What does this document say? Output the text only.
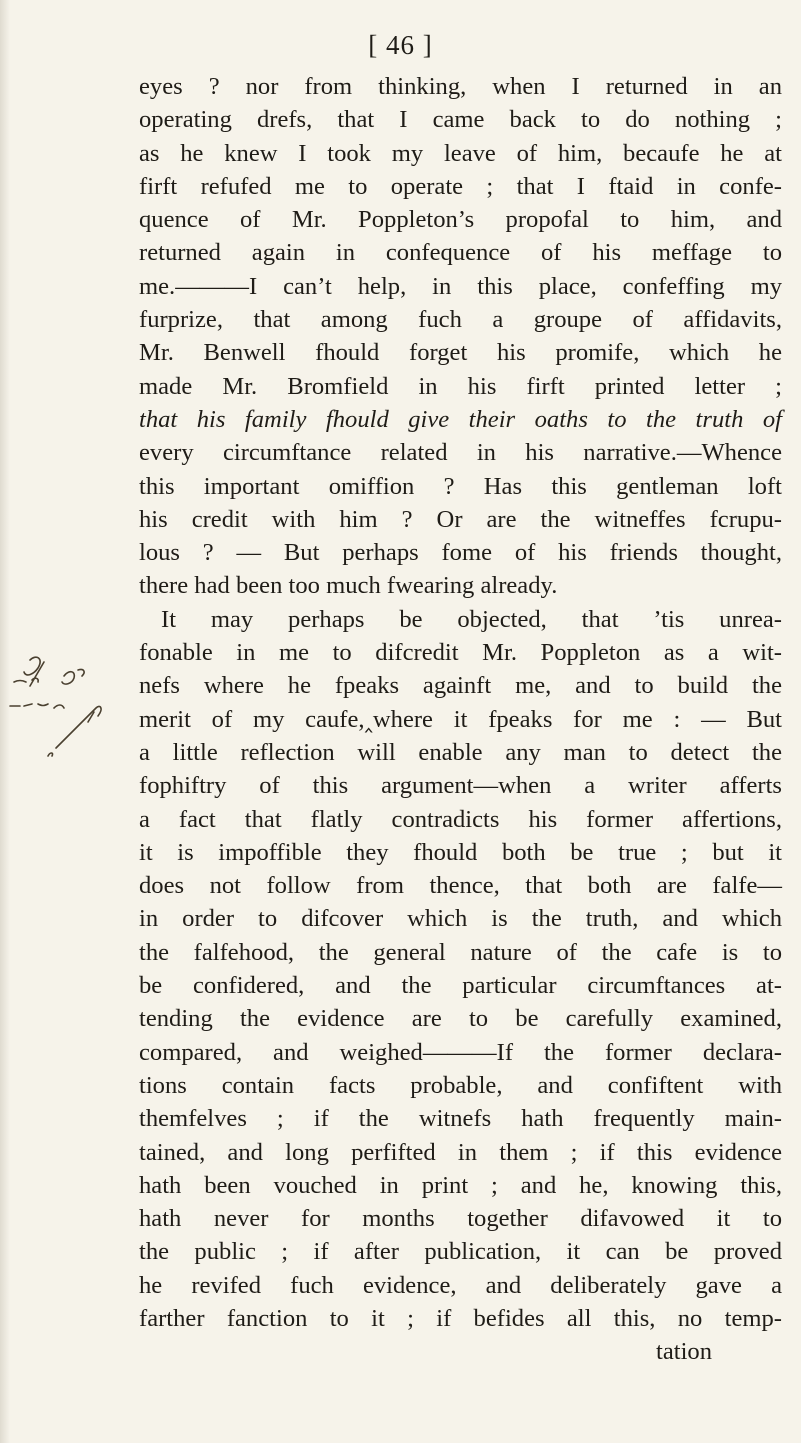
[ 46 ]
eyes ? nor from thinking, when I returned in an
operating drefs, that I came back to do nothing ;
as he knew I took my leave of him, becaufe he at
firft refufed me to operate ; that I ftaid in confe-
quence of Mr. Poppleton’s propofal to him, and
returned again in confequence of his meffage to
me.———I can’t help, in this place, confeffing my
furprize, that among fuch a groupe of affidavits,
Mr. Benwell fhould forget his promife, which he
made Mr. Bromfield in his firft printed letter ;
that his family fhould give their oaths to the truth of
every circumftance related in his narrative.—Whence
this important omiffion ? Has this gentleman loft
his credit with him ? Or are the witneffes fcrupu-
lous ? — But perhaps fome of his friends thought,
there had been too much fwearing already.
It may perhaps be objected, that ’tis unrea-
fonable in me to difcredit Mr. Poppleton as a wit-
nefs where he fpeaks againft me, and to build the
merit of my caufe,‸where it fpeaks for me : — But
a little reflection will enable any man to detect the
fophiftry of this argument—when a writer afferts
a fact that flatly contradicts his former affertions,
it is impoffible they fhould both be true ; but it
does not follow from thence, that both are falfe—
in order to difcover which is the truth, and which
the falfehood, the general nature of the cafe is to
be confidered, and the particular circumftances at-
tending the evidence are to be carefully examined,
compared, and weighed———If the former declara-
tions contain facts probable, and confiftent with
themfelves ; if the witnefs hath frequently main-
tained, and long perfifted in them ; if this evidence
hath been vouched in print ; and he, knowing this,
hath never for months together difavowed it to
the public ; if after publication, it can be proved
he revifed fuch evidence, and deliberately gave a
farther fanction to it ; if befides all this, no temp-
tation
